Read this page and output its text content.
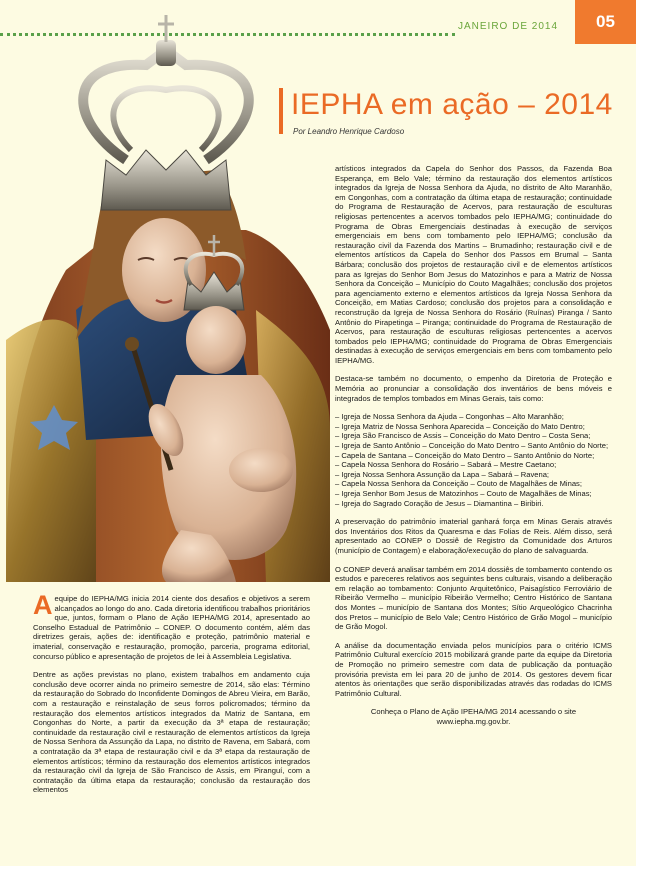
JANEIRO DE 2014	05
IEPHA em ação – 2014
Por Leandro Henrique Cardoso

artísticos integrados da Capela do Senhor dos Passos, da Fazenda Boa Esperança, em Belo Vale; término da restauração dos elementos artísticos integrados da Igreja de Nossa Senhora da Ajuda, no distrito de Alto Maranhão, em Congonhas, com a contratação da última etapa de restauração; continuidade do Programa de Restauração de Acervos, para restauração de esculturas religiosas pertencentes a acervos tombados pelo IEPHA/MG; continuidade do Programa de Obras Emergenciais destinadas à execução de serviços emergenciais em bens com tombamento pelo IEPHA/MG; conclusão da restauração civil da Fazenda dos Martins – Brumadinho; restauração civil e de elementos artísticos da Capela do Senhor dos Passos em Brumal – Santa Bárbara; conclusão dos projetos de restauração civil e de elementos artísticos para as Igrejas do Senhor Bom Jesus do Matozinhos e para a Matriz de Nossa Senhora da Conceição – Município do Couto Magalhães; conclusão dos projetos para agenciamento externo e elementos artísticos da Igreja Nossa Senhora da Conceição, em Matias Cardoso; conclusão dos projetos para a consolidação e reconstrução da Igreja de Nossa Senhora do Rosário (Ruínas) Piranga / Santo Antônio do Pirapetinga – Piranga; continuidade do Programa de Restauração de Acervos, para restauração de esculturas religiosas pertencentes a acervos tombados pelo IEPHA/MG; continuidade do Programa de Obras Emergenciais destinadas à execução de serviços emergenciais em bens com tombamento pelo IEPHA/MG.

Destaca-se também no documento, o empenho da Diretoria de Proteção e Memória ao pronunciar a consolidação dos inventários de bens móveis e integrados de templos tombados em Minas Gerais, tais como:

– Igreja de Nossa Senhora da Ajuda – Congonhas – Alto Maranhão;
– Igreja Matriz de Nossa Senhora Aparecida – Conceição do Mato Dentro;
– Igreja São Francisco de Assis – Conceição do Mato Dentro – Costa Sena;
– Igreja de Santo Antônio – Conceição do Mato Dentro – Santo Antônio do Norte;
– Capela de Santana – Conceição do Mato Dentro – Santo Antônio do Norte;
– Capela Nossa Senhora do Rosário – Sabará – Mestre Caetano;
– Igreja Nossa Senhora Assunção da Lapa – Sabará – Ravena;
– Capela Nossa Senhora da Conceição – Couto de Magalhães de Minas;
– Igreja Senhor Bom Jesus de Matozinhos – Couto de Magalhães de Minas;
– Igreja do Sagrado Coração de Jesus – Diamantina – Biribiri.

A preservação do patrimônio imaterial ganhará força em Minas Gerais através dos Inventários dos Ritos da Quaresma e das Folias de Reis. Além disso, será apresentado ao CONEP o Dossiê de Registro da Comunidade dos Arturos (município de Contagem) e elaboração/execução do plano de salvaguarda.

O CONEP deverá analisar também em 2014 dossiês de tombamento contendo os estudos e pareceres relativos aos seguintes bens culturais, visando a deliberação em relação ao tombamento: Conjunto Arquitetônico, Paisagístico Ferroviário de Ribeirão Vermelho – município Ribeirão Vermelho; Centro Histórico de Santana dos Montes – município de Santana dos Montes; Sítio Arqueológico Chacrinha dos Pretos – município de Belo Vale; Centro Histórico de Grão Mogol – município de Grão Mogol.

A análise da documentação enviada pelos municípios para o critério ICMS Patrimônio Cultural exercício 2015 mobilizará grande parte da equipe da Diretoria de Promoção no primeiro semestre com data de publicação da pontuação provisória prevista em lei para 20 de junho de 2014. Os gestores devem ficar atentos às orientações que serão disponibilizadas através das rodadas do ICMS Patrimônio Cultural.

Conheça o Plano de Ação IPEHA/MG 2014 acessando o site

www.iepha.mg.gov.br.

A equipe do IEPHA/MG inicia 2014 ciente dos desafios e objetivos a serem alcançados ao longo do ano. Cada diretoria identificou trabalhos prioritários que, juntos, formam o Plano de Ação IEPHA/MG 2014, apresentado ao Conselho Estadual de Patrimônio – CONEP. O documento contém, além das diretrizes gerais, ações de: identificação e proteção, patrimônio material e imaterial, conservação e restauração, promoção, parceria, programa editorial, concurso público e apresentação de projetos de lei à Assembleia Legislativa.

Dentre as ações previstas no plano, existem trabalhos em andamento cuja conclusão deve ocorrer ainda no primeiro semestre de 2014, são elas: Término da restauração do Sobrado do Inconfidente Domingos de Abreu Vieira, em Barão, com a restauração e reinstalação de seus forros policromados; término da restauração dos elementos artísticos integrados da Matriz de Santana, em Congonhas do Norte, a partir da execução da 3ª etapa de restauração; continuidade da restauração civil e restauração de elementos artísticos da Igreja de Nossa Senhora da Assunção da Lapa, no distrito de Ravena, em Sabará, com a contratação da 3ª etapa de restauração civil e da 3ª etapa da restauração de elementos artísticos; término da restauração dos elementos artísticos integrados da restauração civil da Igreja de São Francisco de Assis, em Piranguí, com a contratação da última etapa da restauração; conclusão da restauração dos elementos
